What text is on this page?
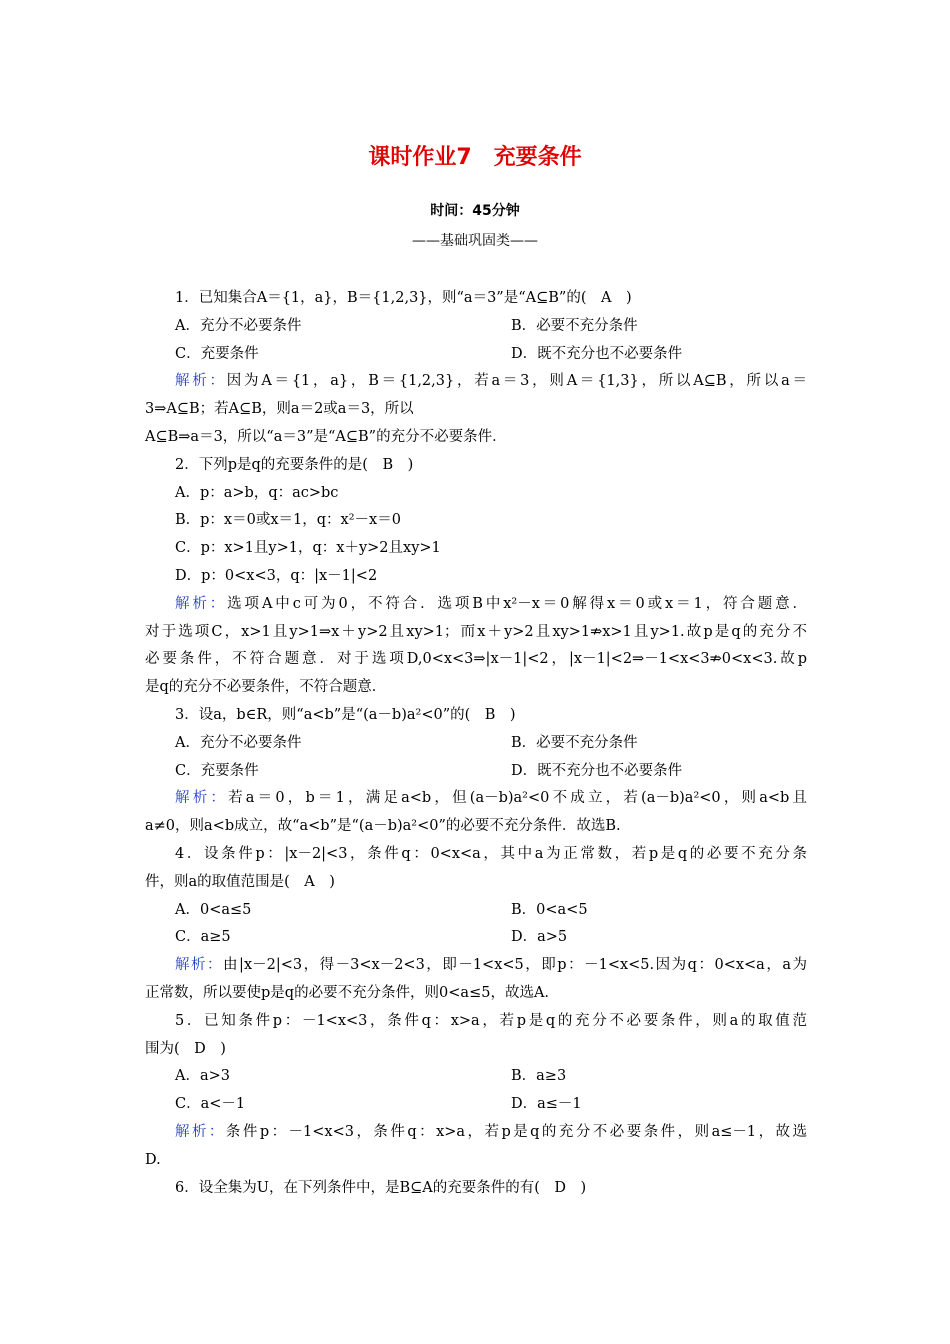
课时作业7　充要条件
时间：45分钟
——基础巩固类——
1．已知集合A＝{1，a}，B＝{1,2,3}，则“a＝3”是“A⊆B”的(　A　)
A．充分不必要条件	B．必要不充分条件
C．充要条件	D．既不充分也不必要条件
解析：因为A＝{1，a}，B＝{1,2,3}，若a＝3，则A＝{1,3}，所以A⊆B，所以a＝
3⇒A⊆B；若A⊆B，则a＝2或a＝3，所以
A⊆B⇒a＝3，所以“a＝3”是“A⊆B”的充分不必要条件．
2．下列p是q的充要条件的是(　B　)
A．p：a>b，q：ac>bc
B．p：x＝0或x＝1，q：x²－x＝0
C．p：x>1且y>1，q：x＋y>2且xy>1
D．p：0<x<3，q：|x－1|<2
解析：选项A中c可为0，不符合．选项B中x²－x＝0解得x＝0或x＝1，符合题意．
对于选项C，x>1且y>1⇒x＋y>2且xy>1；而x＋y>2且xy>1⇏x>1且y>1.故p是q的充分不
必要条件，不符合题意．对于选项D,0<x<3⇒|x－1|<2，|x－1|<2⇒－1<x<3⇏0<x<3.故p
是q的充分不必要条件，不符合题意．
3．设a，b∈R，则“a<b”是“(a－b)a²<0”的(　B　)
A．充分不必要条件	B．必要不充分条件
C．充要条件	D．既不充分也不必要条件
解析：若a＝0，b＝1，满足a<b，但(a－b)a²<0不成立，若(a－b)a²<0，则a<b且
a≠0，则a<b成立，故“a<b”是“(a－b)a²<0”的必要不充分条件．故选B.
4．设条件p：|x－2|<3，条件q：0<x<a，其中a为正常数，若p是q的必要不充分条
件，则a的取值范围是(　A　)
A．0<a≤5	B．0<a<5
C．a≥5	D．a>5
解析：由|x－2|<3，得－3<x－2<3，即－1<x<5，即p：－1<x<5.因为q：0<x<a，a为
正常数，所以要使p是q的必要不充分条件，则0<a≤5，故选A.
5．已知条件p：－1<x<3，条件q：x>a，若p是q的充分不必要条件，则a的取值范
围为(　D　)
A．a>3	B．a≥3
C．a<－1	D．a≤－1
解析：条件p：－1<x<3，条件q：x>a，若p是q的充分不必要条件，则a≤－1，故选
D.
6．设全集为U，在下列条件中，是B⊆A的充要条件的有(　D　)
